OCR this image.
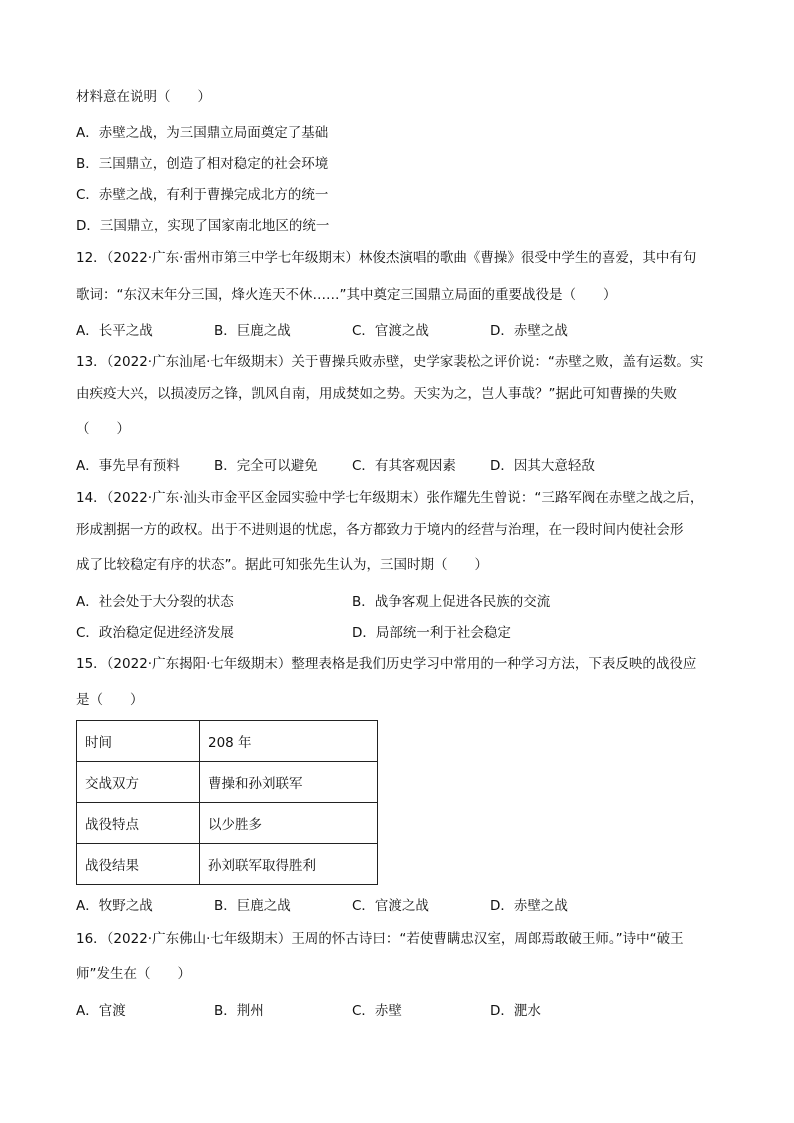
材料意在说明（　　）
A．赤壁之战，为三国鼎立局面奠定了基础
B．三国鼎立，创造了相对稳定的社会环境
C．赤壁之战，有利于曹操完成北方的统一
D．三国鼎立，实现了国家南北地区的统一
12．（2022·广东·雷州市第三中学七年级期末）林俊杰演唱的歌曲《曹操》很受中学生的喜爱，其中有句
歌词：“东汉末年分三国，烽火连天不休……”其中奠定三国鼎立局面的重要战役是（　　）
A．长平之战	B．巨鹿之战	C．官渡之战	D．赤壁之战
13．（2022·广东汕尾·七年级期末）关于曹操兵败赤壁，史学家裴松之评价说：“赤壁之败，盖有运数。实
由疾疫大兴，以损凌厉之锋，凯风自南，用成焚如之势。天实为之，岂人事哉？”据此可知曹操的失败
（　　）
A．事先早有预料	B．完全可以避免	C．有其客观因素	D．因其大意轻敌
14．（2022·广东·汕头市金平区金园实验中学七年级期末）张作耀先生曾说：“三路军阀在赤壁之战之后，
形成割据一方的政权。出于不进则退的忧虑，各方都致力于境内的经营与治理，在一段时间内使社会形
成了比较稳定有序的状态”。据此可知张先生认为，三国时期（　　）
A．社会处于大分裂的状态	B．战争客观上促进各民族的交流
C．政治稳定促进经济发展	D．局部统一利于社会稳定
15．（2022·广东揭阳·七年级期末）整理表格是我们历史学习中常用的一种学习方法，下表反映的战役应
是（　　）
时间	208 年
交战双方	曹操和孙刘联军
战役特点	以少胜多
战役结果	孙刘联军取得胜利
A．牧野之战	B．巨鹿之战	C．官渡之战	D．赤壁之战
16．（2022·广东佛山·七年级期末）王周的怀古诗曰：“若使曹瞒忠汉室，周郎焉敢破王师。”诗中“破王
师”发生在（　　）
A．官渡	B．荆州	C．赤壁	D．淝水
